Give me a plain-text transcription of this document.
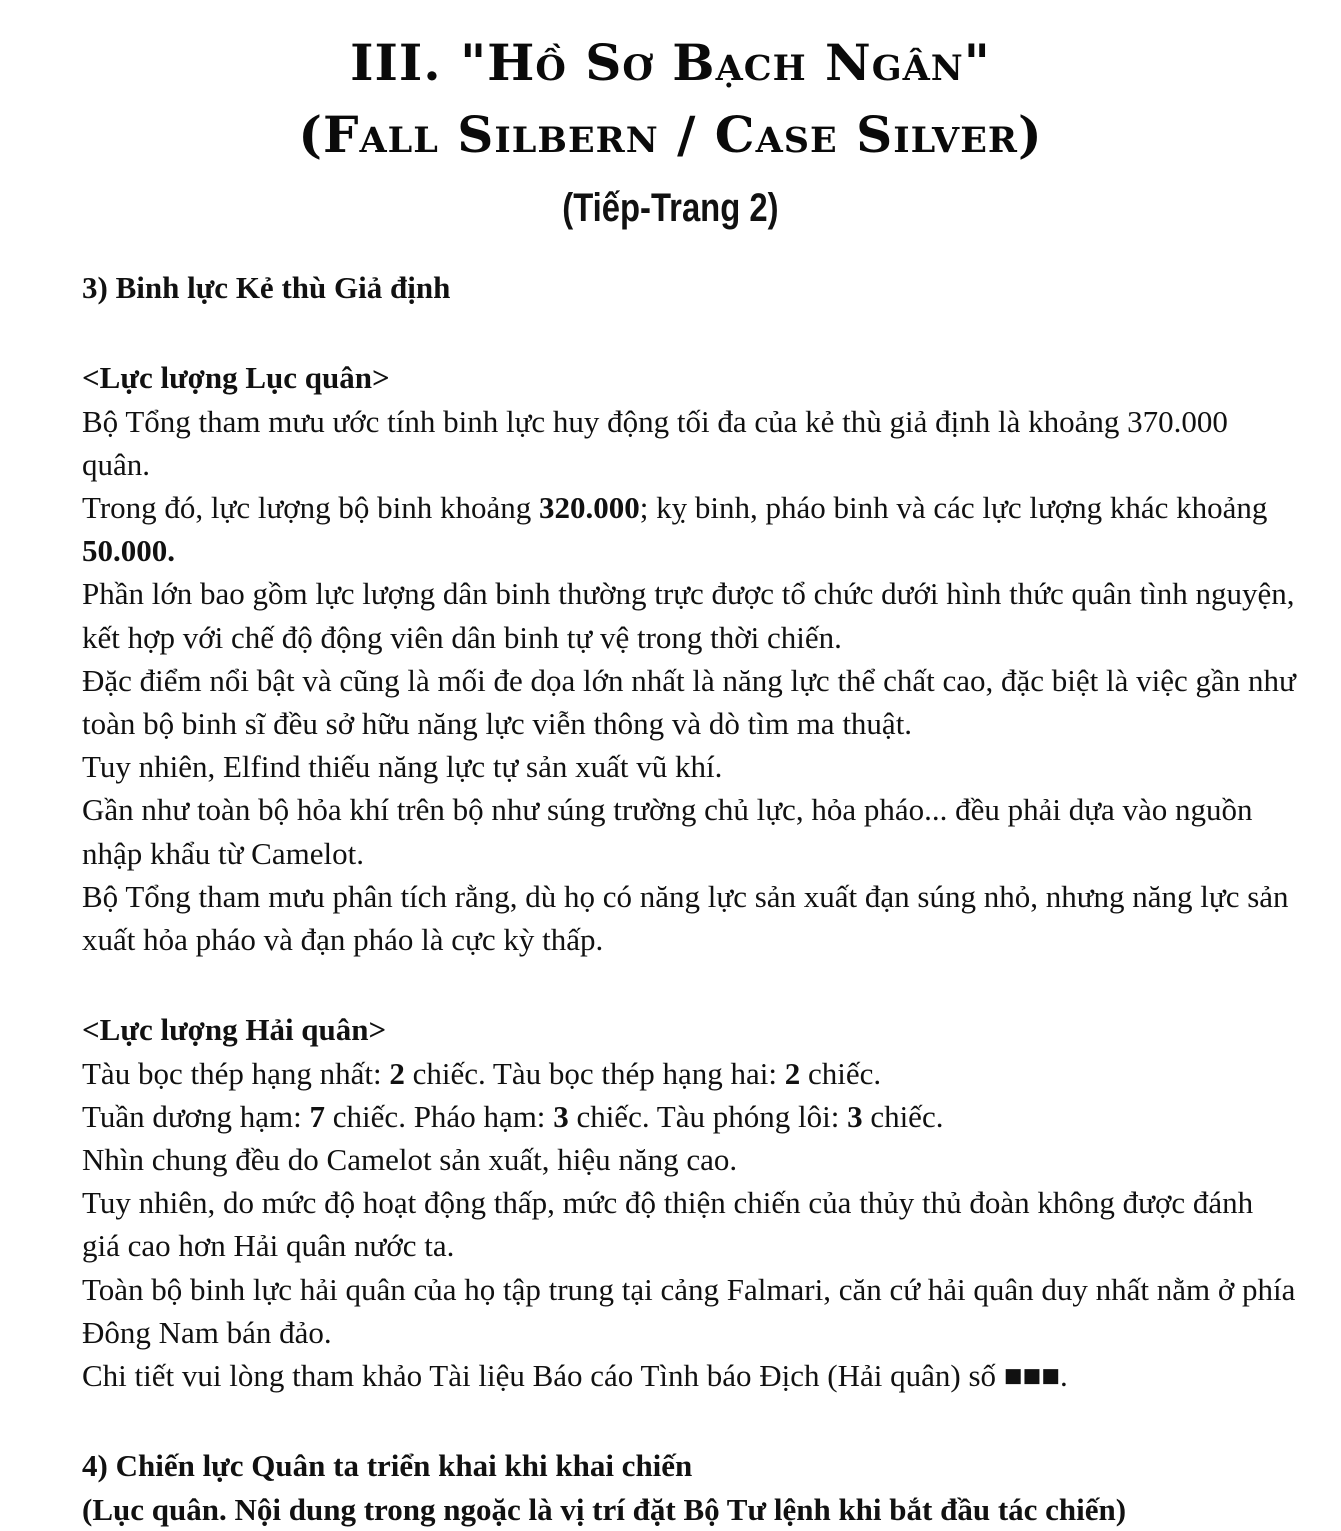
III. "Hồ Sơ Bạch Ngân"
(Fall Silbern / Case Silver)
(Tiếp-Trang 2)

3) Binh lực Kẻ thù Giả định

<Lực lượng Lục quân>

Bộ Tổng tham mưu ước tính binh lực huy động tối đa của kẻ thù giả định là khoảng 370.000 quân.

Trong đó, lực lượng bộ binh khoảng 320.000; kỵ binh, pháo binh và các lực lượng khác khoảng 50.000.

Phần lớn bao gồm lực lượng dân binh thường trực được tổ chức dưới hình thức quân tình nguyện, kết hợp với chế độ động viên dân binh tự vệ trong thời chiến.

Đặc điểm nổi bật và cũng là mối đe dọa lớn nhất là năng lực thể chất cao, đặc biệt là việc gần như toàn bộ binh sĩ đều sở hữu năng lực viễn thông và dò tìm ma thuật.

Tuy nhiên, Elfind thiếu năng lực tự sản xuất vũ khí.

Gần như toàn bộ hỏa khí trên bộ như súng trường chủ lực, hỏa pháo... đều phải dựa vào nguồn nhập khẩu từ Camelot.

Bộ Tổng tham mưu phân tích rằng, dù họ có năng lực sản xuất đạn súng nhỏ, nhưng năng lực sản xuất hỏa pháo và đạn pháo là cực kỳ thấp.

<Lực lượng Hải quân>

Tàu bọc thép hạng nhất: 2 chiếc. Tàu bọc thép hạng hai: 2 chiếc.

Tuần dương hạm: 7 chiếc. Pháo hạm: 3 chiếc. Tàu phóng lôi: 3 chiếc.

Nhìn chung đều do Camelot sản xuất, hiệu năng cao.

Tuy nhiên, do mức độ hoạt động thấp, mức độ thiện chiến của thủy thủ đoàn không được đánh giá cao hơn Hải quân nước ta.

Toàn bộ binh lực hải quân của họ tập trung tại cảng Falmari, căn cứ hải quân duy nhất nằm ở phía Đông Nam bán đảo.

Chi tiết vui lòng tham khảo Tài liệu Báo cáo Tình báo Địch (Hải quân) số ■■■.

4) Chiến lực Quân ta triển khai khi khai chiến

(Lục quân. Nội dung trong ngoặc là vị trí đặt Bộ Tư lệnh khi bắt đầu tác chiến)
